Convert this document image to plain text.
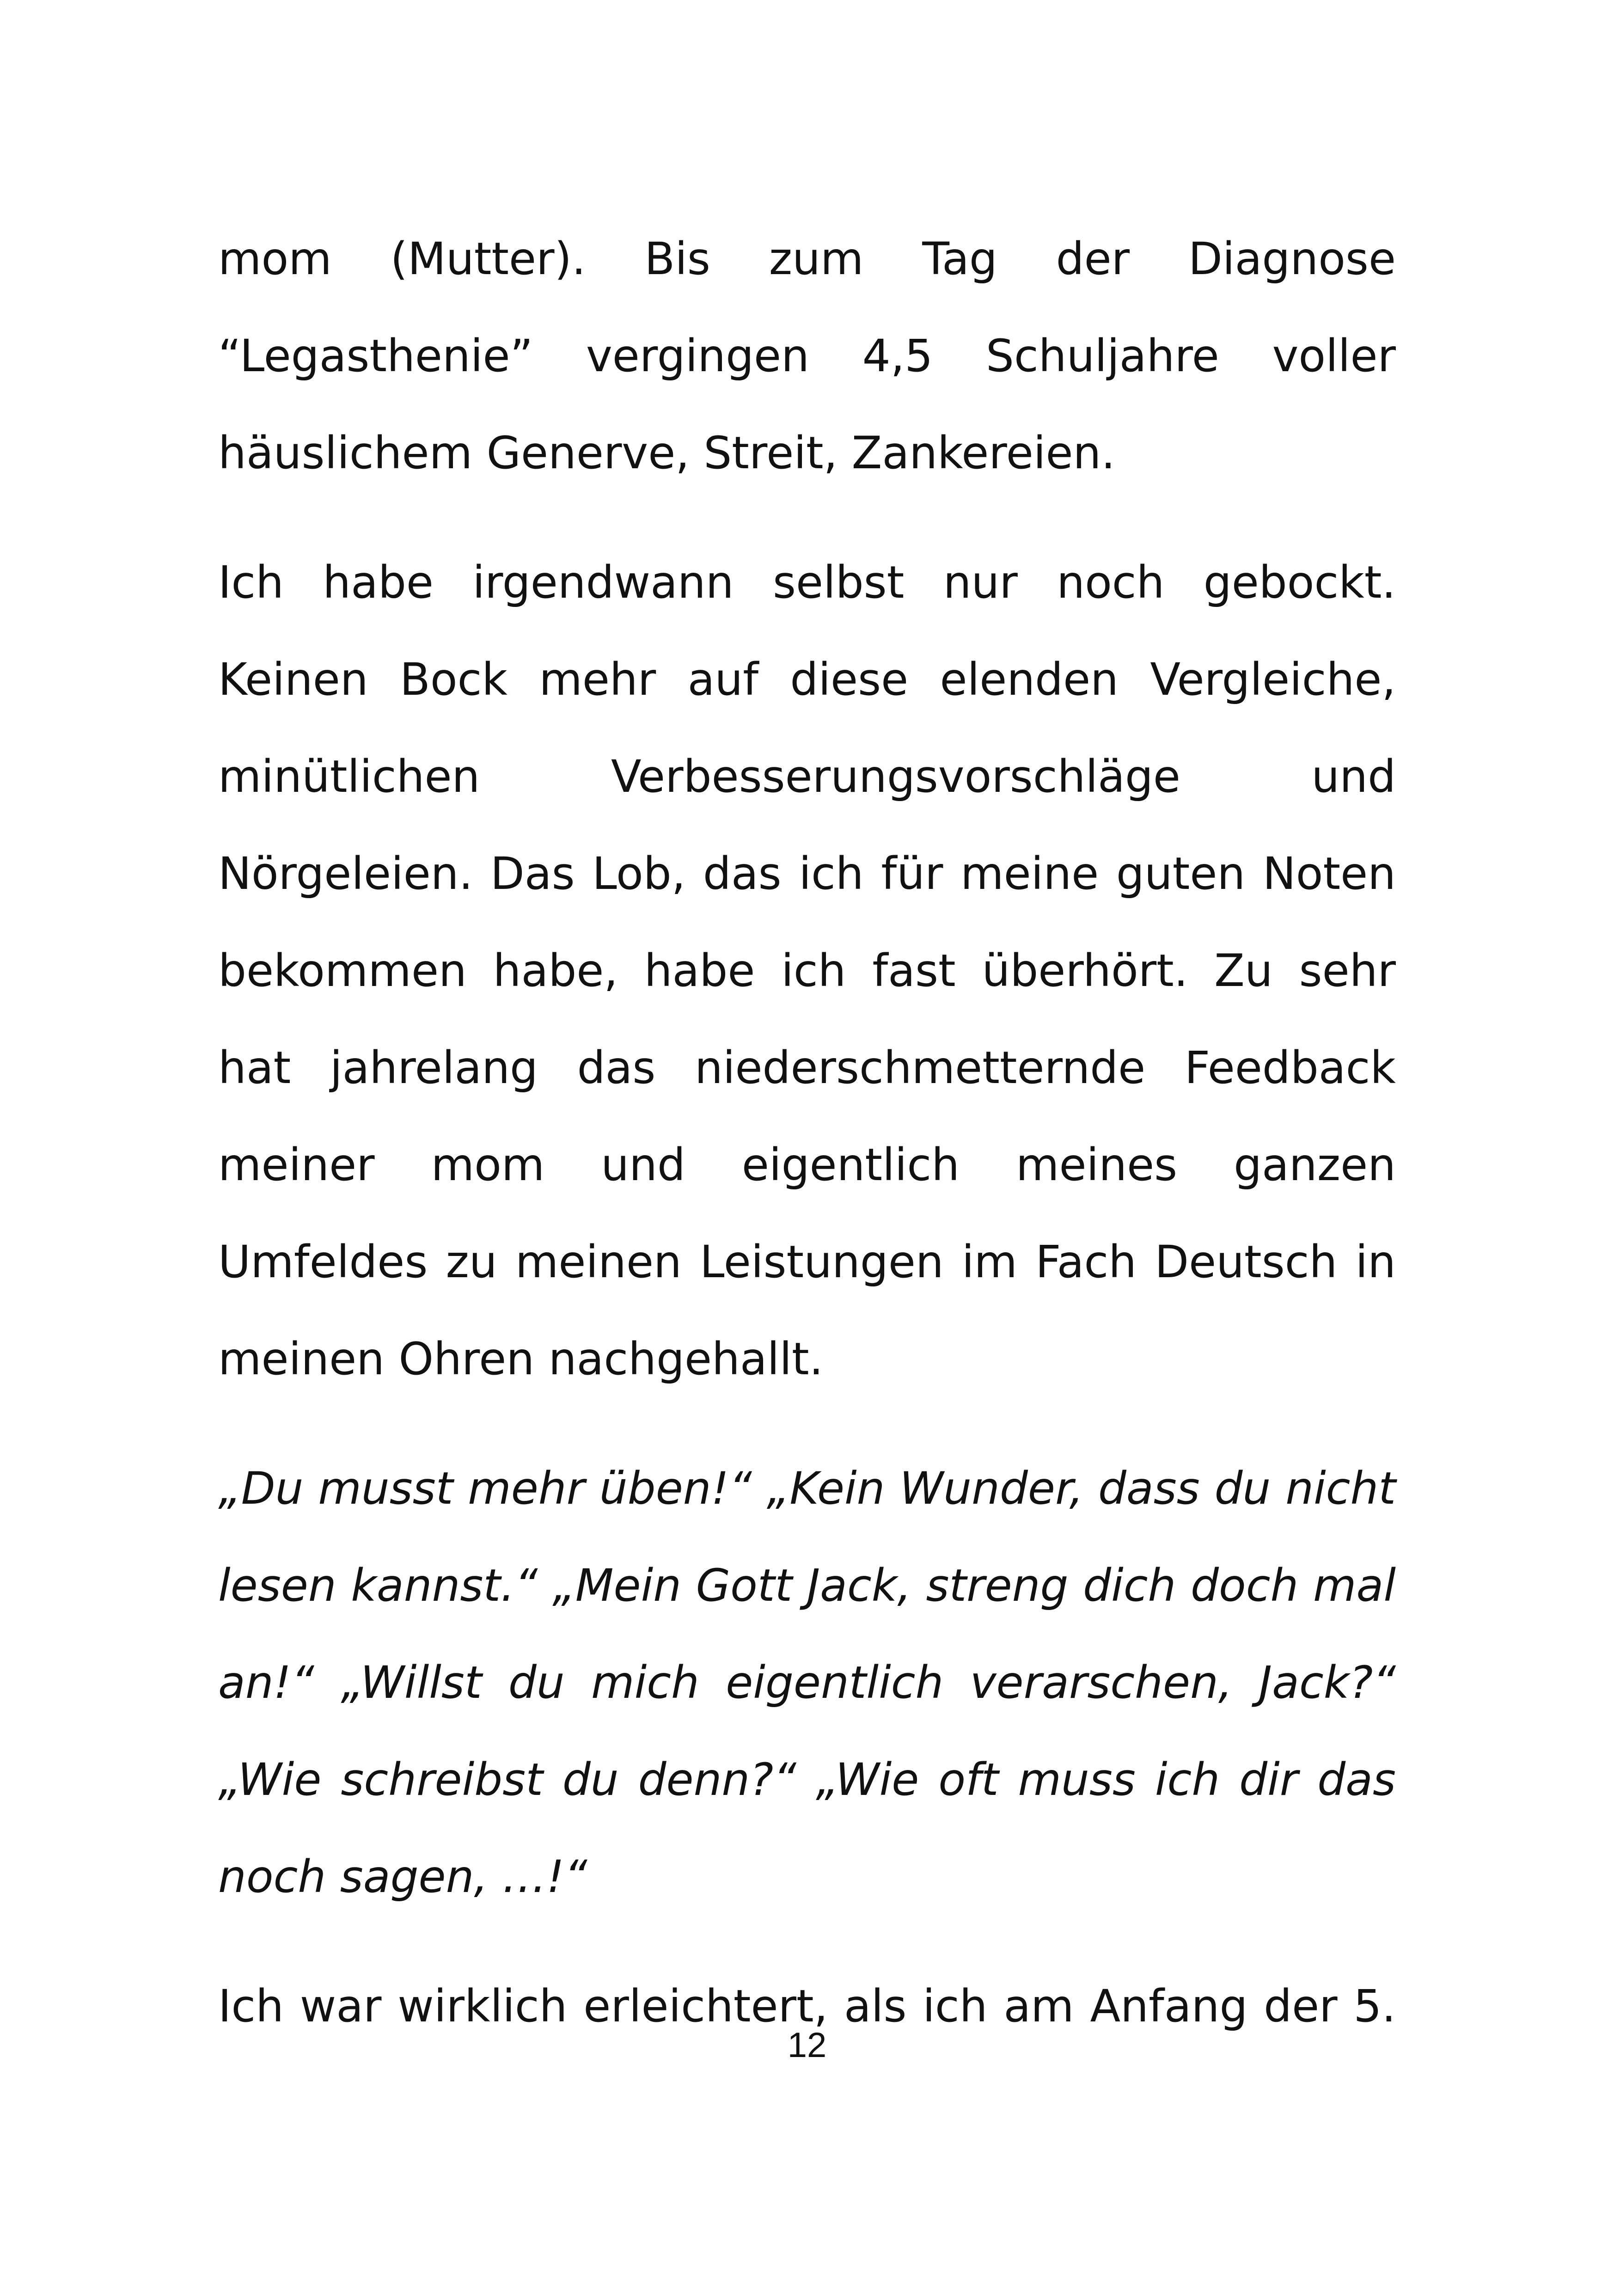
mom (Mutter). Bis zum Tag der Diagnose “Legasthenie” vergingen 4,5 Schuljahre voller häuslichem Generve, Streit, Zankereien.

Ich habe irgendwann selbst nur noch gebockt. Keinen Bock mehr auf diese elenden Vergleiche, minütlichen Verbesserungsvorschläge und Nörgeleien. Das Lob, das ich für meine guten Noten bekommen habe, habe ich fast überhört. Zu sehr hat jahrelang das niederschmetternde Feedback meiner mom und eigentlich meines ganzen Umfeldes zu meinen Leistungen im Fach Deutsch in meinen Ohren nachgehallt.

„Du musst mehr üben!“ „Kein Wunder, dass du nicht lesen kannst.“ „Mein Gott Jack, streng dich doch mal an!“ „Willst du mich eigentlich verarschen, Jack?“ „Wie schreibst du denn?“ „Wie oft muss ich dir das noch sagen, …!“

Ich war wirklich erleichtert, als ich am Anfang der 5.

12
